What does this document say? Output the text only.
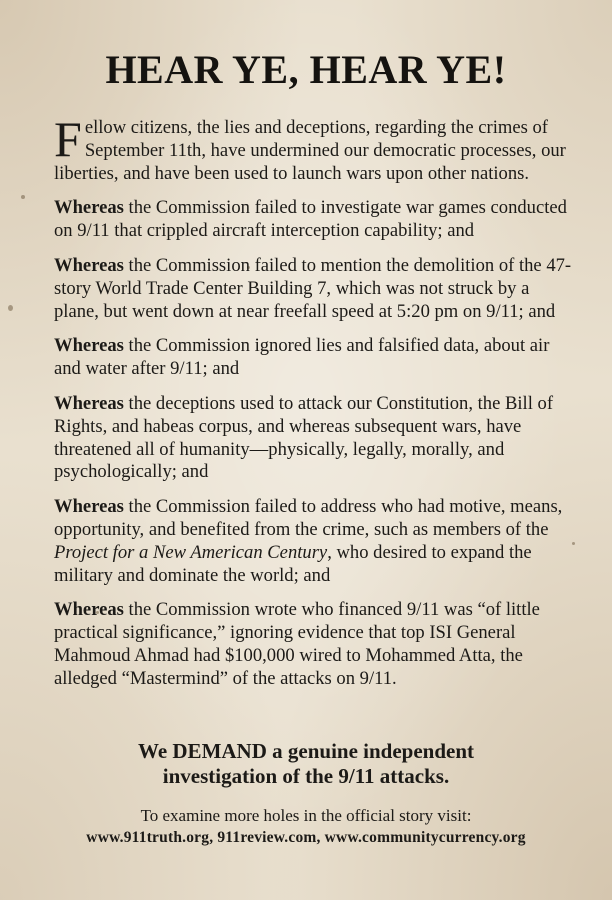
HEAR YE, HEAR YE!

Fellow citizens, the lies and deceptions, regarding the crimes of September 11th, have undermined our democratic processes, our liberties, and have been used to launch wars upon other nations.

Whereas the Commission failed to investigate war games conducted on 9/11 that crippled aircraft interception capability; and

Whereas the Commission failed to mention the demolition of the 47-story World Trade Center Building 7, which was not struck by a plane, but went down at near freefall speed at 5:20 pm on 9/11; and

Whereas the Commission ignored lies and falsified data, about air and water after 9/11; and

Whereas the deceptions used to attack our Constitution, the Bill of Rights, and habeas corpus, and whereas subsequent wars, have threatened all of humanity—physically, legally, morally, and psychologically; and

Whereas the Commission failed to address who had motive, means, opportunity, and benefited from the crime, such as members of the Project for a New American Century, who desired to expand the military and dominate the world; and

Whereas the Commission wrote who financed 9/11 was “of little practical significance,” ignoring evidence that top ISI General Mahmoud Ahmad had $100,000 wired to Mohammed Atta, the alledged “Mastermind” of the attacks on 9/11.

We DEMAND a genuine independent
investigation of the 9/11 attacks.

To examine more holes in the official story visit:

www.911truth.org, 911review.com, www.communitycurrency.org
